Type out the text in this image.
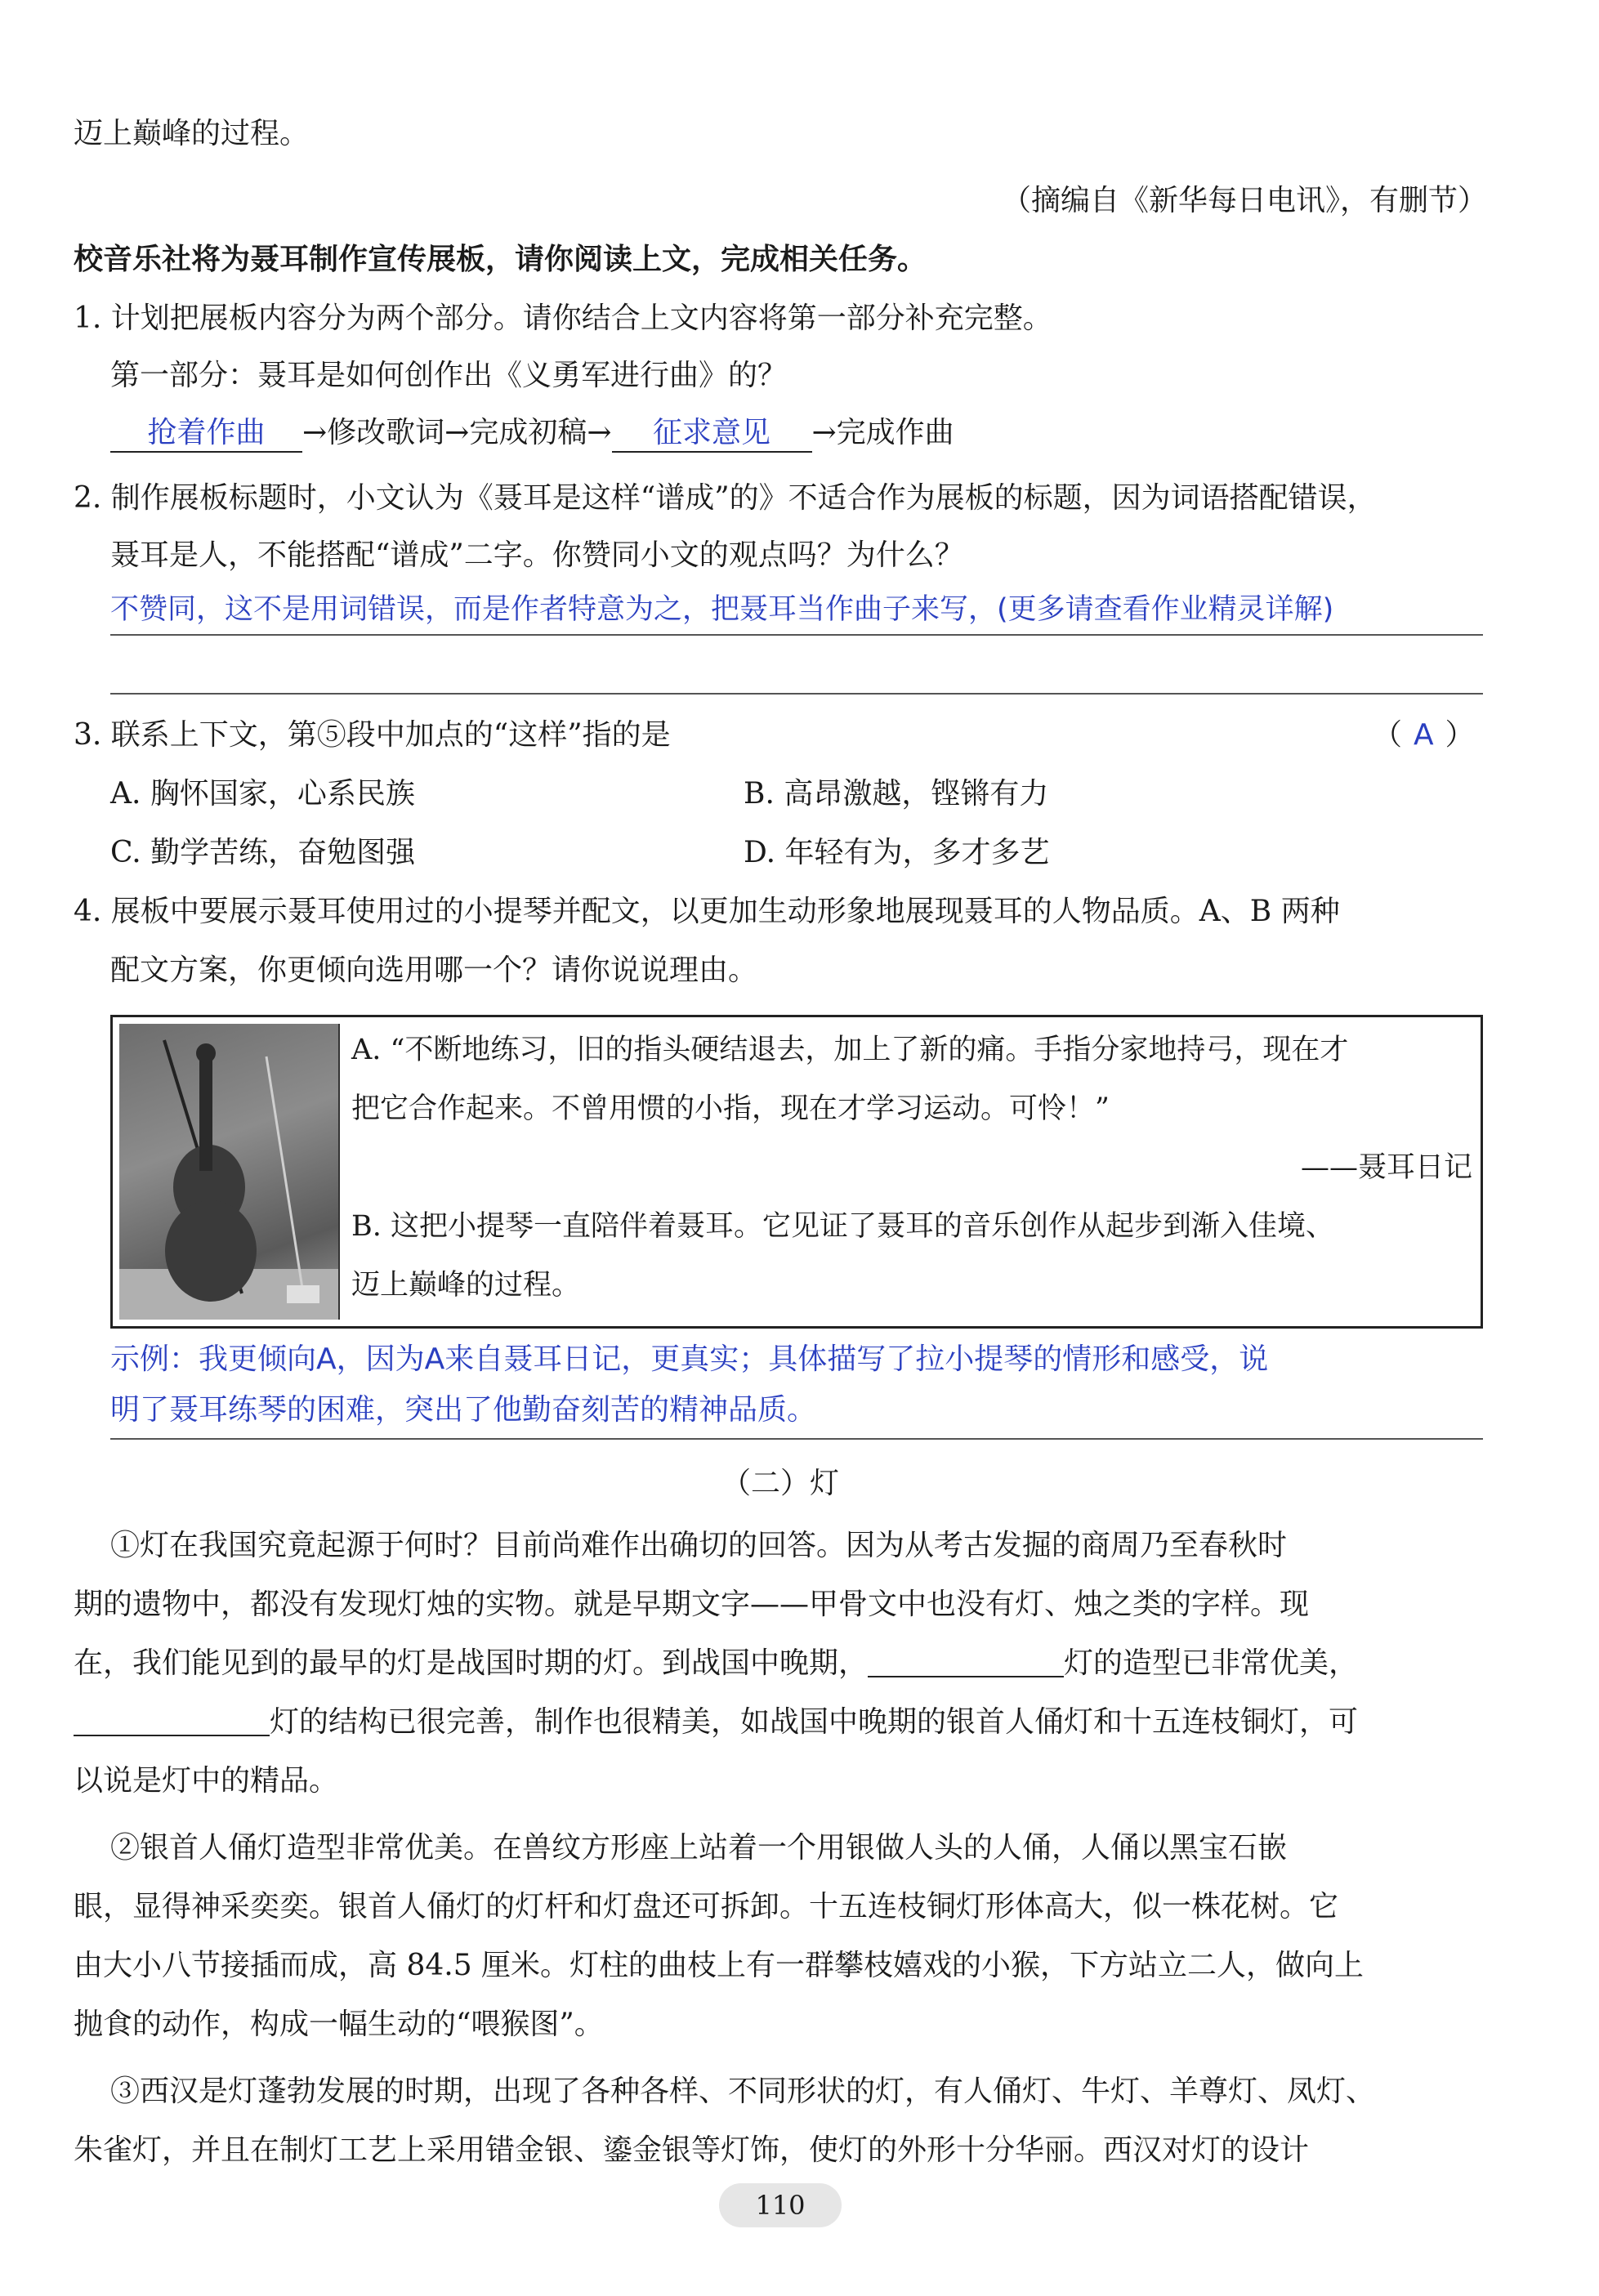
迈上巅峰的过程。
（摘编自《新华每日电讯》，有删节）
校音乐社将为聂耳制作宣传展板，请你阅读上文，完成相关任务。
1. 计划把展板内容分为两个部分。请你结合上文内容将第一部分补充完整。
第一部分：聂耳是如何创作出《义勇军进行曲》的？
抢着作曲 →修改歌词→完成初稿→ 征求意见 →完成作曲
2. 制作展板标题时，小文认为《聂耳是这样“谱成”的》不适合作为展板的标题，因为词语搭配错误，
聂耳是人，不能搭配“谱成”二字。你赞同小文的观点吗？为什么？
不赞同，这不是用词错误，而是作者特意为之，把聂耳当作曲子来写，(更多请查看作业精灵详解)
3. 联系上下文，第⑤段中加点的“这样”指的是	（ A ）
A. 胸怀国家，心系民族	B. 高昂激越，铿锵有力
C. 勤学苦练，奋勉图强	D. 年轻有为，多才多艺
4. 展板中要展示聂耳使用过的小提琴并配文，以更加生动形象地展现聂耳的人物品质。A、B 两种
配文方案，你更倾向选用哪一个？请你说说理由。
A. “不断地练习，旧的指头硬结退去，加上了新的痛。手指分家地持弓，现在才
把它合作起来。不曾用惯的小指，现在才学习运动。可怜！”
——聂耳日记
B. 这把小提琴一直陪伴着聂耳。它见证了聂耳的音乐创作从起步到渐入佳境、
迈上巅峰的过程。
示例：我更倾向A，因为A来自聂耳日记，更真实；具体描写了拉小提琴的情形和感受，说
明了聂耳练琴的困难，突出了他勤奋刻苦的精神品质。
（二）灯
①灯在我国究竟起源于何时？目前尚难作出确切的回答。因为从考古发掘的商周乃至春秋时
期的遗物中，都没有发现灯烛的实物。就是早期文字——甲骨文中也没有灯、烛之类的字样。现
在，我们能见到的最早的灯是战国时期的灯。到战国中晚期，	灯的造型已非常优美，
灯的结构已很完善，制作也很精美，如战国中晚期的银首人俑灯和十五连枝铜灯，可
以说是灯中的精品。
②银首人俑灯造型非常优美。在兽纹方形座上站着一个用银做人头的人俑，人俑以黑宝石嵌
眼，显得神采奕奕。银首人俑灯的灯杆和灯盘还可拆卸。十五连枝铜灯形体高大，似一株花树。它
由大小八节接插而成，高 84.5 厘米。灯柱的曲枝上有一群攀枝嬉戏的小猴，下方站立二人，做向上
抛食的动作，构成一幅生动的“喂猴图”。
③西汉是灯蓬勃发展的时期，出现了各种各样、不同形状的灯，有人俑灯、牛灯、羊尊灯、凤灯、
朱雀灯，并且在制灯工艺上采用错金银、鎏金银等灯饰，使灯的外形十分华丽。西汉对灯的设计
110
